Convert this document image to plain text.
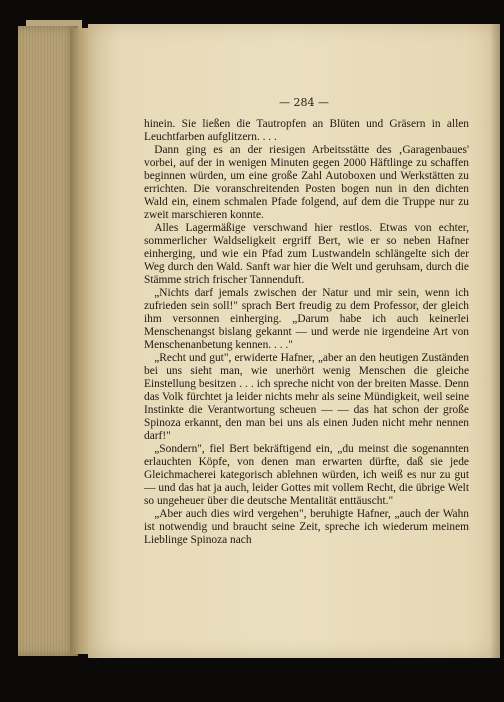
— 284 —

hinein. Sie ließen die Tautropfen an Blüten und Gräsern in allen Leuchtfarben aufglitzern. . . .

Dann ging es an der riesigen Arbeitsstätte des ‚Garagenbaues' vorbei, auf der in wenigen Minuten gegen 2000 Häftlinge zu schaffen beginnen würden, um eine große Zahl Autoboxen und Werkstätten zu errichten. Die voranschreitenden Posten bogen nun in den dichten Wald ein, einem schmalen Pfade folgend, auf dem die Truppe nur zu zweit marschieren konnte.

Alles Lagermäßige verschwand hier restlos. Etwas von echter, sommerlicher Waldseligkeit ergriff Bert, wie er so neben Hafner einherging, und wie ein Pfad zum Lustwandeln schlängelte sich der Weg durch den Wald. Sanft war hier die Welt und geruhsam, durch die Stämme strich frischer Tannenduft.

„Nichts darf jemals zwischen der Natur und mir sein, wenn ich zufrieden sein soll!" sprach Bert freudig zu dem Professor, der gleich ihm versonnen einherging. „Darum habe ich auch keinerlei Menschenangst bislang gekannt — und werde nie irgendeine Art von Menschenanbetung kennen. . . ."

„Recht und gut", erwiderte Hafner, „aber an den heutigen Zuständen bei uns sieht man, wie unerhört wenig Menschen die gleiche Einstellung besitzen . . . ich spreche nicht von der breiten Masse. Denn das Volk fürchtet ja leider nichts mehr als seine Mündigkeit, weil seine Instinkte die Verantwortung scheuen — — das hat schon der große Spinoza erkannt, den man bei uns als einen Juden nicht mehr nennen darf!"

„Sondern", fiel Bert bekräftigend ein, „du meinst die sogenannten erlauchten Köpfe, von denen man erwarten dürfte, daß sie jede Gleichmacherei kategorisch ablehnen würden, ich weiß es nur zu gut — und das hat ja auch, leider Gottes mit vollem Recht, die übrige Welt so ungeheuer über die deutsche Mentalität enttäuscht."

„Aber auch dies wird vergehen", beruhigte Hafner, „auch der Wahn ist notwendig und braucht seine Zeit, spreche ich wiederum meinem Lieblinge Spinoza nach
